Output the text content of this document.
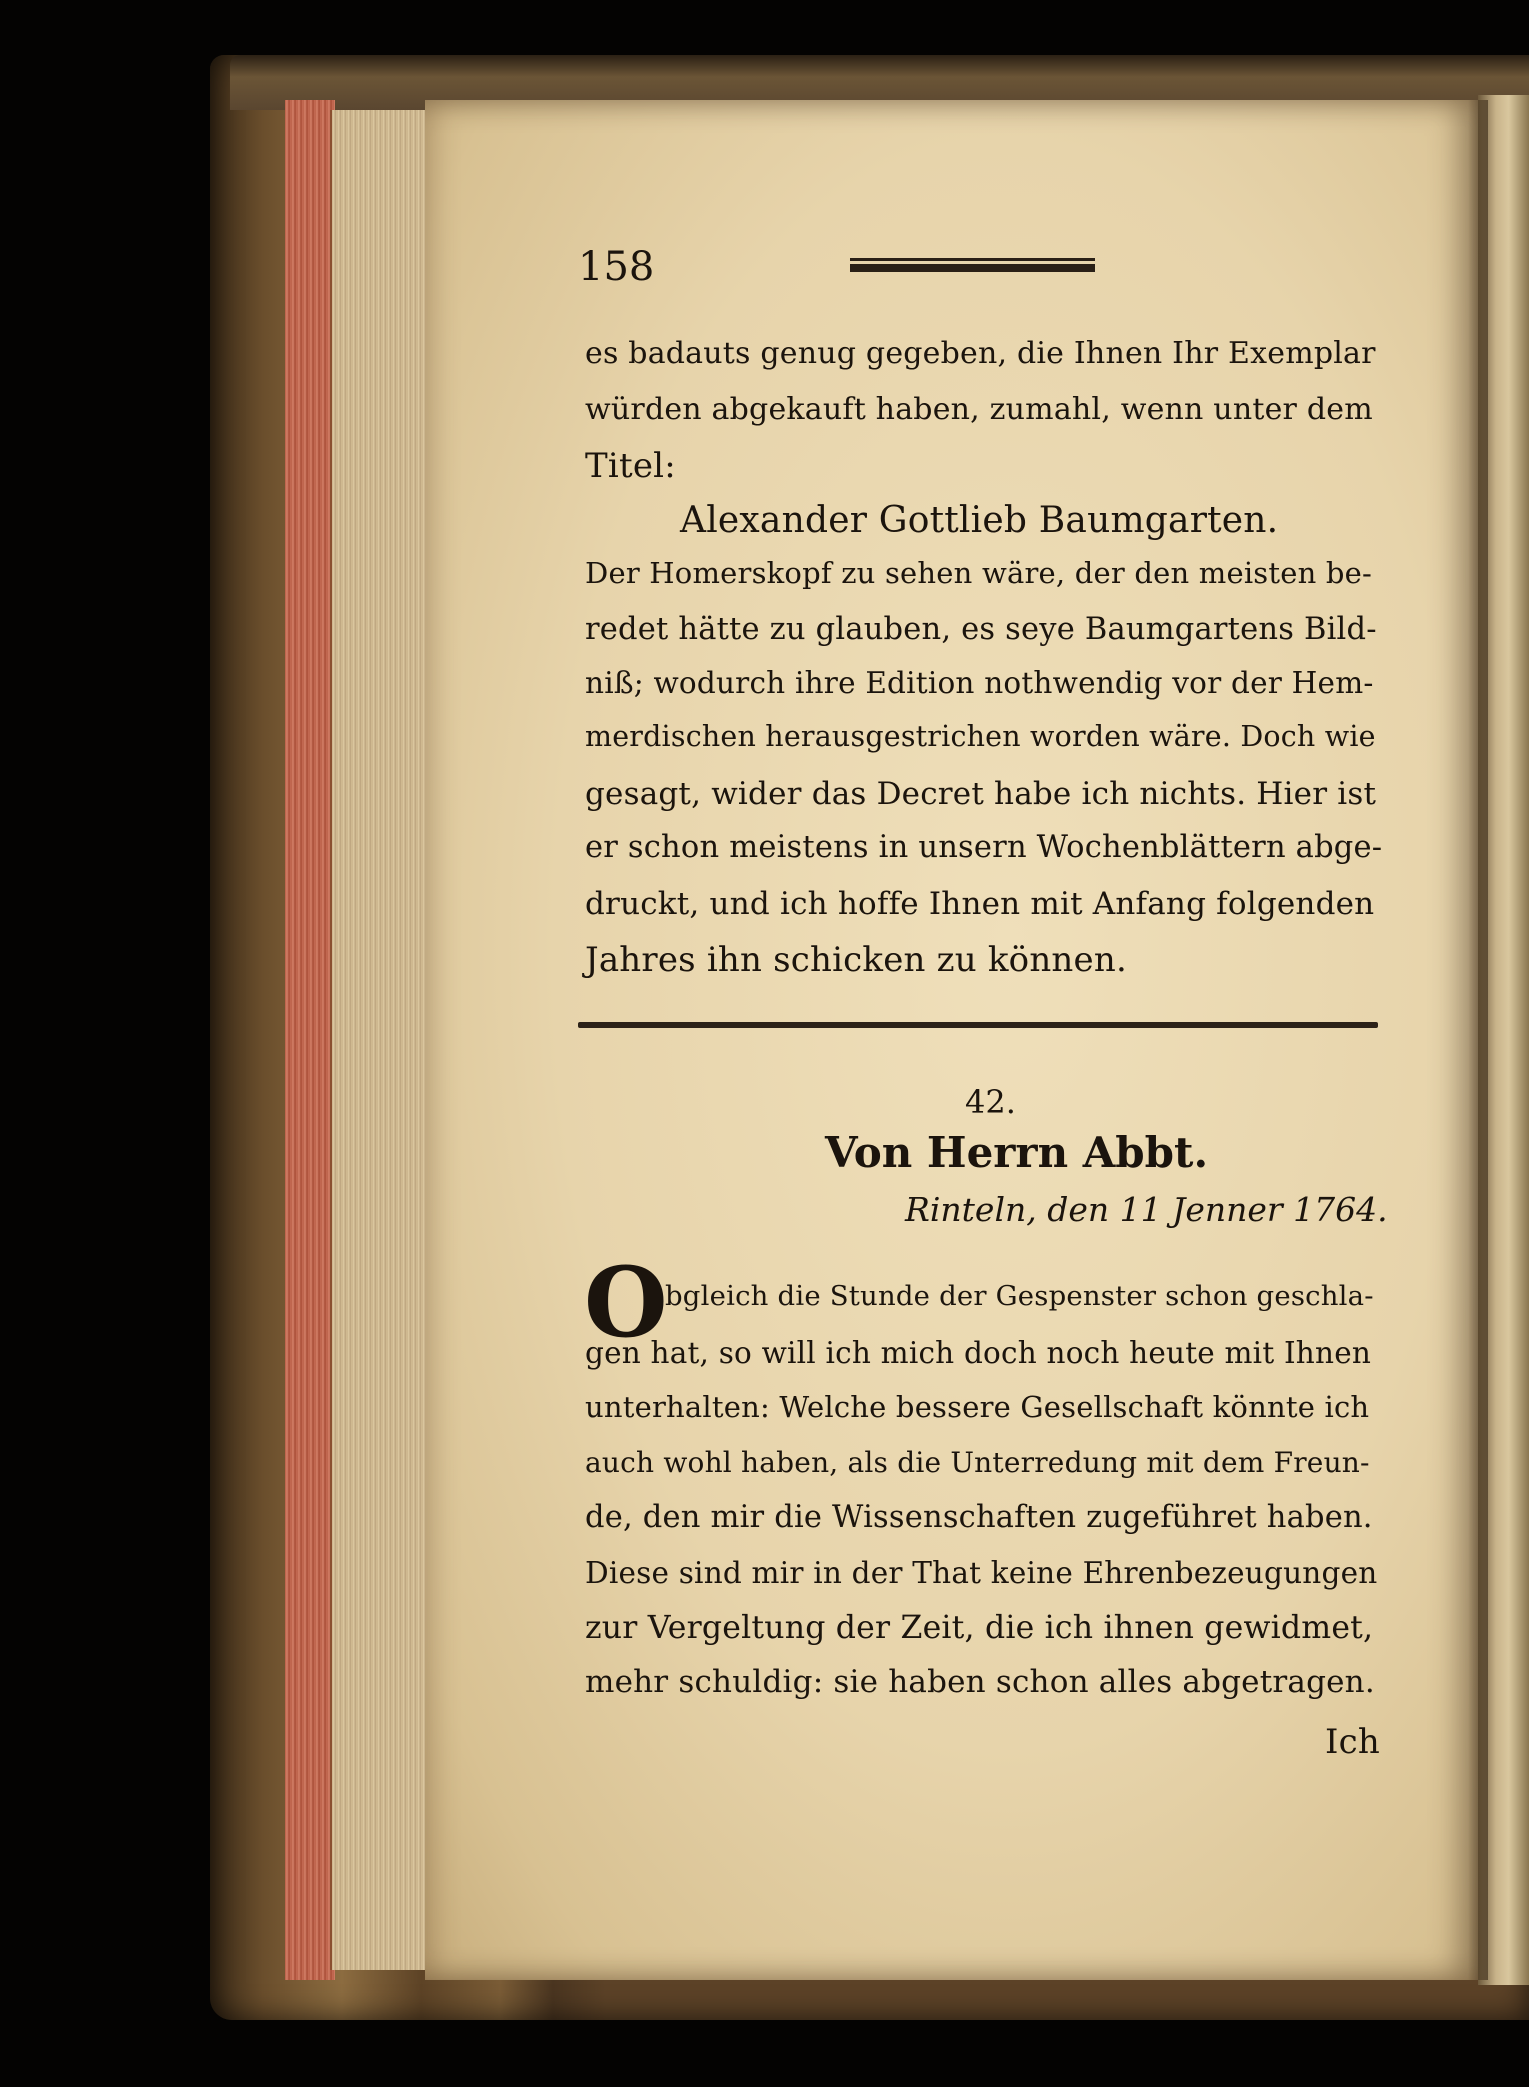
158
es badauts genug gegeben, die Ihnen Ihr Exemplar
würden abgekauft haben, zumahl, wenn unter dem
Titel:
Alexander Gottlieb Baumgarten.
Der Homerskopf zu sehen wäre, der den meisten be-
redet hätte zu glauben, es seye Baumgartens Bild-
niß; wodurch ihre Edition nothwendig vor der Hem-
merdischen herausgestrichen worden wäre. Doch wie
gesagt, wider das Decret habe ich nichts. Hier ist
er schon meistens in unsern Wochenblättern abge-
druckt, und ich hoffe Ihnen mit Anfang folgenden
Jahres ihn schicken zu können.
42.
Von Herrn Abbt.
Rinteln, den 11 Jenner 1764.
O
bgleich die Stunde der Gespenster schon geschla-
gen hat, so will ich mich doch noch heute mit Ihnen
unterhalten: Welche bessere Gesellschaft könnte ich
auch wohl haben, als die Unterredung mit dem Freun-
de, den mir die Wissenschaften zugeführet haben.
Diese sind mir in der That keine Ehrenbezeugungen
zur Vergeltung der Zeit, die ich ihnen gewidmet,
mehr schuldig: sie haben schon alles abgetragen.
Ich
